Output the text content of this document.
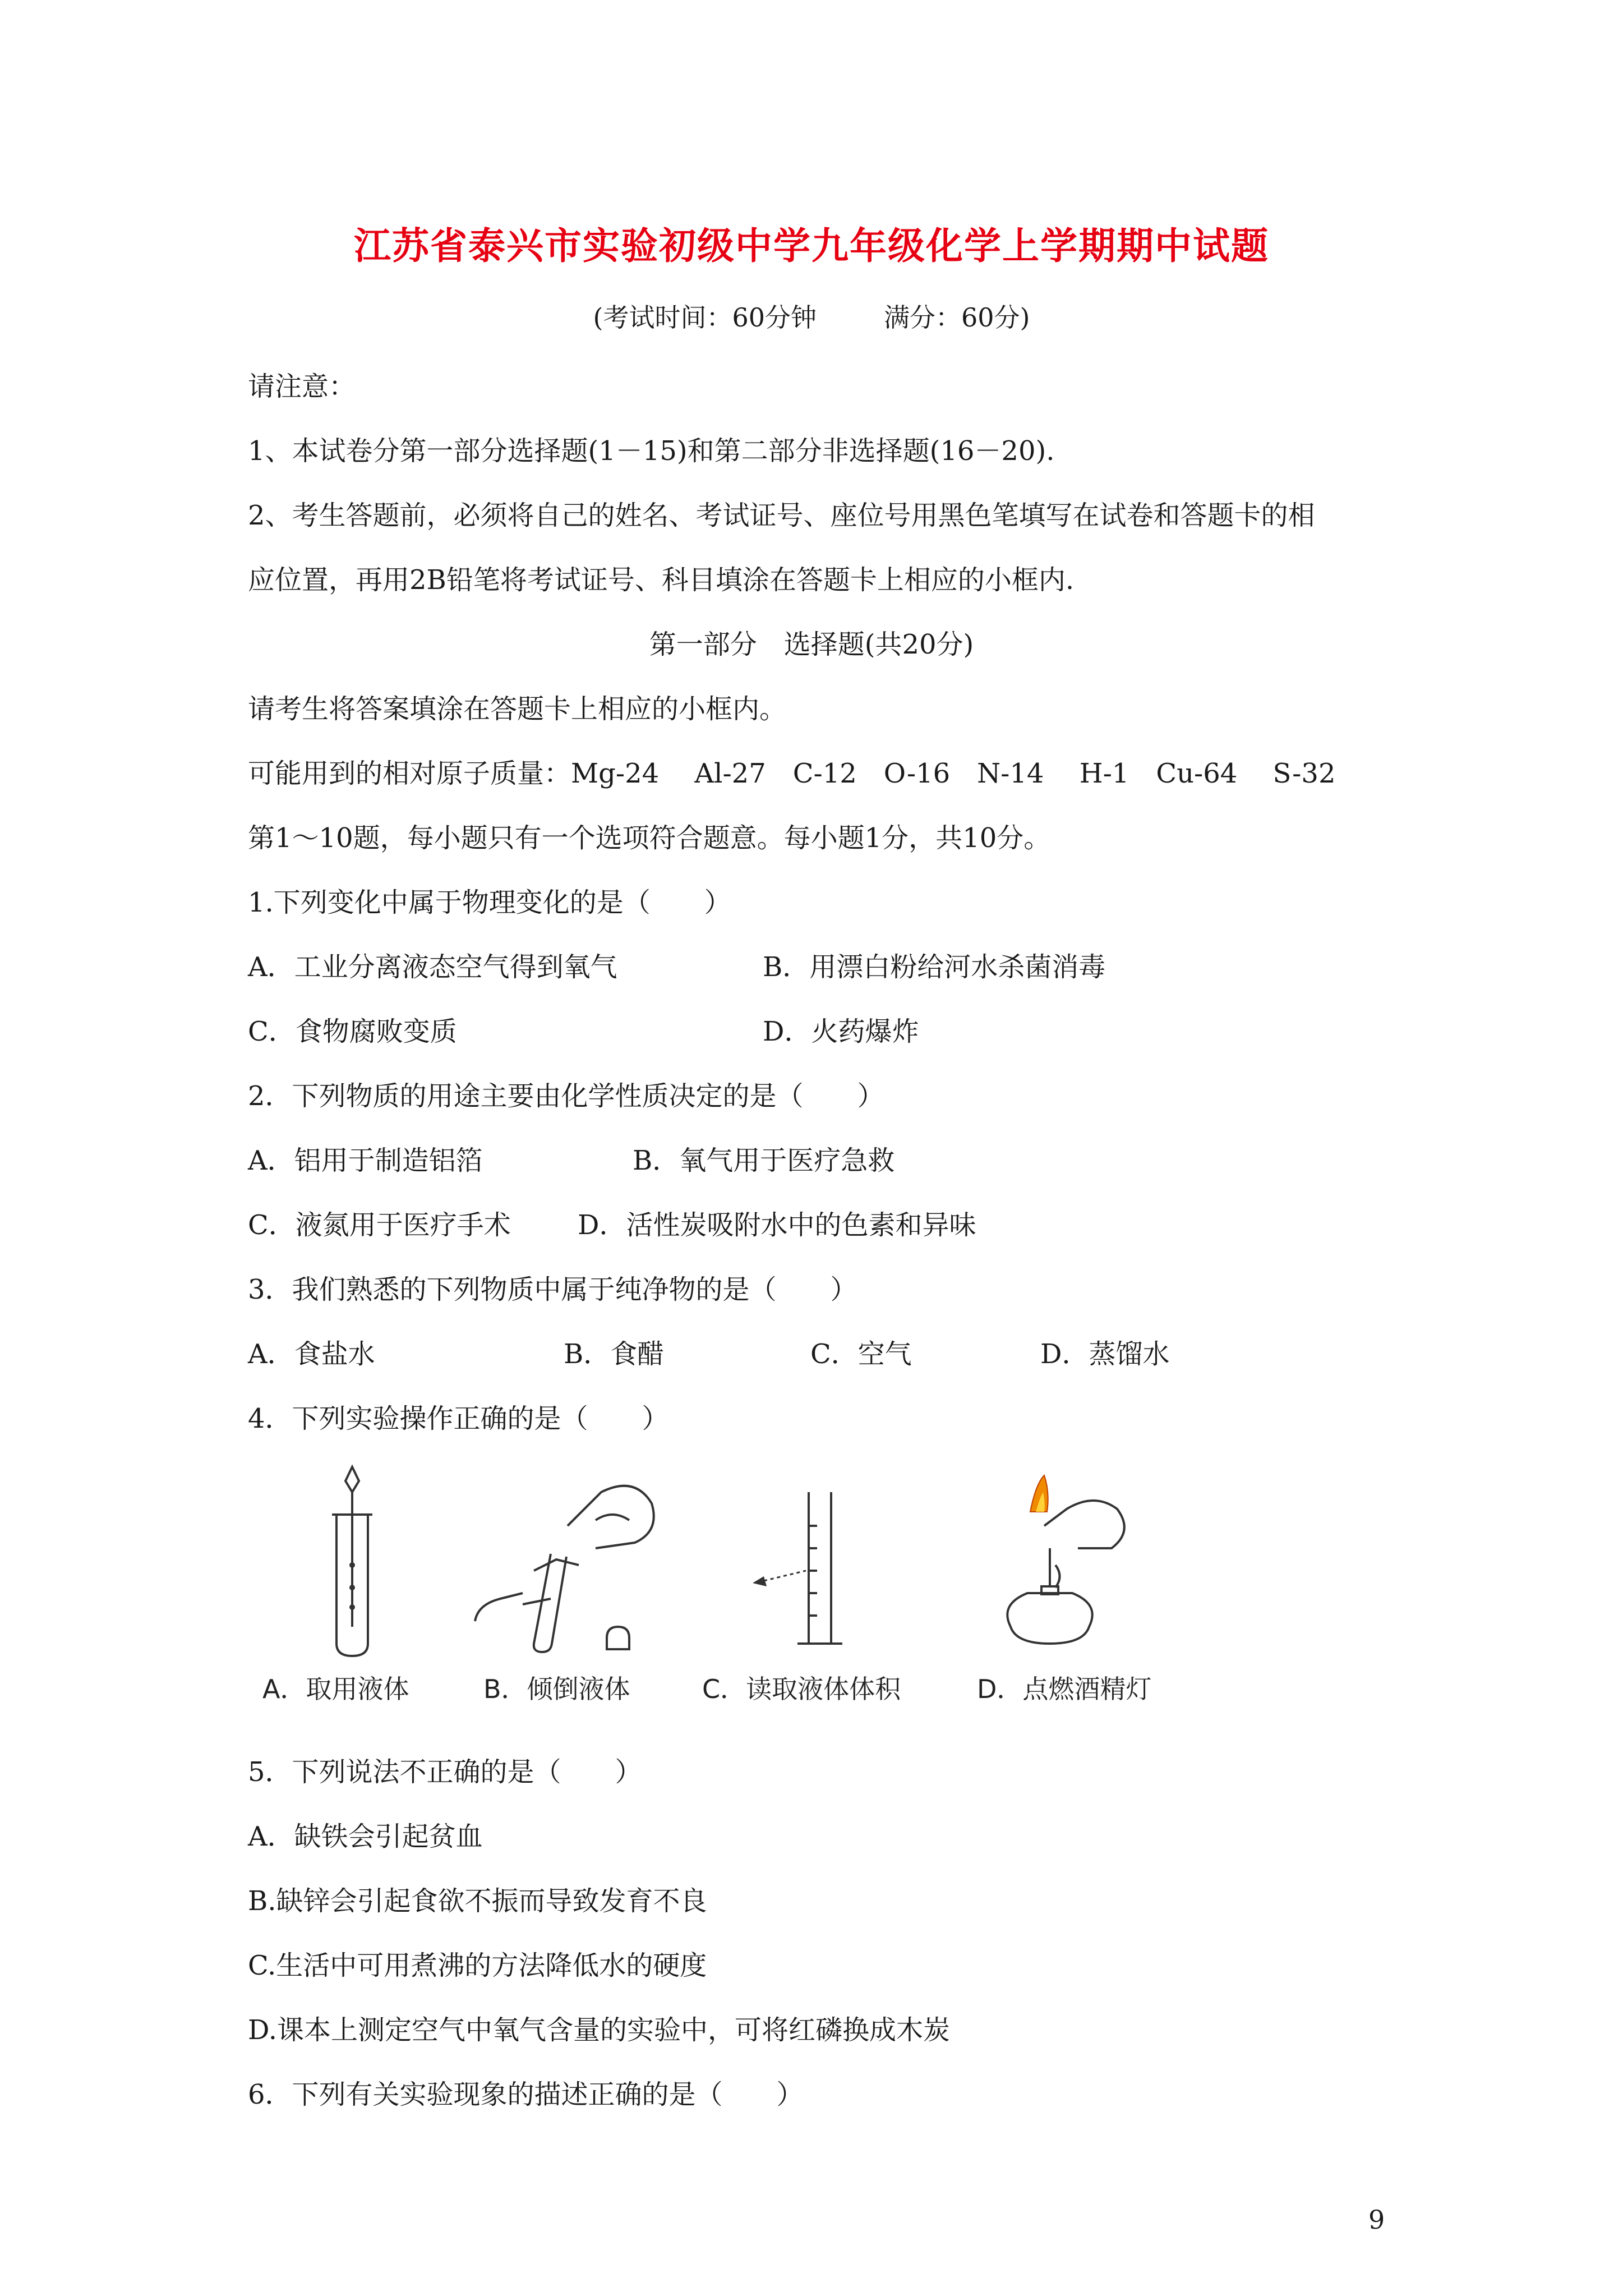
江苏省泰兴市实验初级中学九年级化学上学期期中试题
(考试时间：60分钟	满分：60分)
请注意：
1、本试卷分第一部分选择题(1－15)和第二部分非选择题(16－20).
2、考生答题前，必须将自己的姓名、考试证号、座位号用黑色笔填写在试卷和答题卡的相
应位置，再用2B铅笔将考试证号、科目填涂在答题卡上相应的小框内.
第一部分　选择题(共20分)
请考生将答案填涂在答题卡上相应的小框内。
可能用到的相对原子质量：Mg-24　 Al-27　C-12　O-16　N-14　 H-1　Cu-64　 S-32
第1～10题，每小题只有一个选项符合题意。每小题1分，共10分。
1.下列变化中属于物理变化的是（　　）
A．工业分离液态空气得到氧气	B．用漂白粉给河水杀菌消毒
C．食物腐败变质	D．火药爆炸
2．下列物质的用途主要由化学性质决定的是（　　）
A．铝用于制造铝箔	B．氧气用于医疗急救
C．液氮用于医疗手术 D．活性炭吸附水中的色素和异味
3．我们熟悉的下列物质中属于纯净物的是（　　）
A．食盐水	B．食醋	C．空气	D．蒸馏水
4．下列实验操作正确的是（　　）
A．取用液体	B．倾倒液体	C．读取液体体积	D．点燃酒精灯
5．下列说法不正确的是（　　）
A．缺铁会引起贫血
B.缺锌会引起食欲不振而导致发育不良
C.生活中可用煮沸的方法降低水的硬度
D.课本上测定空气中氧气含量的实验中，可将红磷换成木炭
6．下列有关实验现象的描述正确的是（　　）
9
